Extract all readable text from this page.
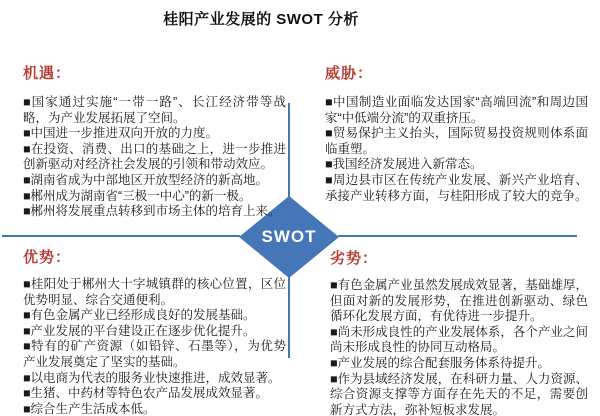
桂阳产业发展的 SWOT 分析
SWOT
机遇：
■国家通过实施“一带一路”、长江经济带等战略，为产业发展拓展了空间。
■中国进一步推进双向开放的力度。
■在投资、消费、出口的基础之上，进一步推进创新驱动对经济社会发展的引领和带动效应。
■湖南省成为中部地区开放型经济的新高地。
■郴州成为湖南省“三极一中心”的新一极。
■郴州将发展重点转移到市场主体的培育上来。
威胁：
■中国制造业面临发达国家“高端回流”和周边国家“中低端分流”的双重挤压。
■贸易保护主义抬头，国际贸易投资规则体系面临重塑。
■我国经济发展进入新常态。
■周边县市区在传统产业发展、新兴产业培育、承接产业转移方面，与桂阳形成了较大的竞争。
优势：
■桂阳处于郴州大十字城镇群的核心位置，区位优势明显、综合交通便利。
■有色金属产业已经形成良好的发展基础。
■产业发展的平台建设正在逐步优化提升。
■特有的矿产资源（如铅锌、石墨等），为优势产业发展奠定了坚实的基础。
■以电商为代表的服务业快速推进，成效显著。
■生猪、中药材等特色农产品发展成效显著。
■综合生产生活成本低。
劣势：
■有色金属产业虽然发展成效显著，基础雄厚，但面对新的发展形势，在推进创新驱动、绿色循环化发展方面，有优待进一步提升。
■尚未形成良性的产业发展体系，各个产业之间尚未形成良性的协同互动格局。
■产业发展的综合配套服务体系待提升。
■作为县域经济发展，在科研力量、人力资源、综合资源支撑等方面存在先天的不足，需要创新方式方法，弥补短板求发展。
